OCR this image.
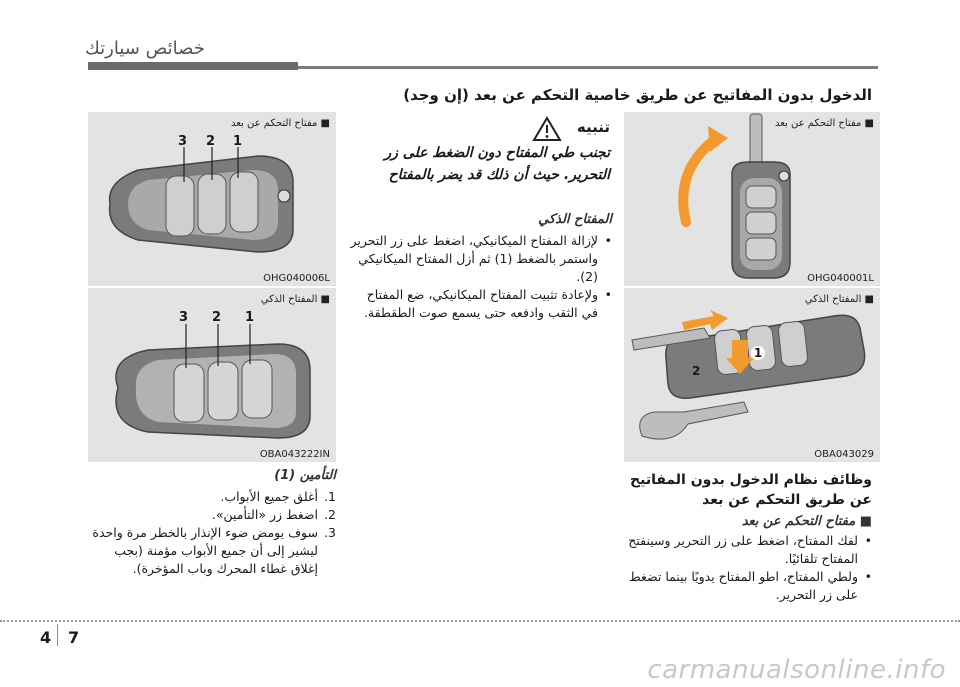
خصائص سيارتك
الدخول بدون المفاتيح عن طريق خاصية التحكم عن بعد (إن وجد)
■ مفتاح التحكم عن بعد
3 2 1
OHG040006L
■ المفتاح الذكي
3 2 1
OBA043222IN
التأمين (1)
1.
أغلق جميع الأبواب.
2.
اضغط زر «التأمين».
3.
سوف يومض ضوء الإنذار بالخطر مرة واحدة ليشير إلى أن جميع الأبواب مؤمنة (بجب إغلاق غطاء المحرك وباب المؤخرة).
تنبيه
تجنب طي المفتاح دون الضغط على زر التحرير. حيث أن ذلك قد يضر بالمفتاح
المفتاح الذكي
• لإزالة المفتاح الميكانيكي، اضغط على زر التحرير واستمر بالضغط (1) ثم أزل المفتاح الميكانيكي (2).
• ولإعادة تثبيت المفتاح الميكانيكي، ضع المفتاح في الثقب وادفعه حتى يسمع صوت الطقطقة.
■ مفتاح التحكم عن بعد
OHG040001L
■ المفتاح الذكي
1
2
OBA043029
وظائف نظام الدخول بدون المفاتيح عن طريق التحكم عن بعد
■ مفتاح التحكم عن بعد
• لفك المفتاح، اضغط على زر التحرير وسينفتح المفتاح تلقائيًا.
• ولطي المفتاح، اطو المفتاح يدويًا بينما تضغط على زر التحرير.
4 7
carmanualsonline.info
